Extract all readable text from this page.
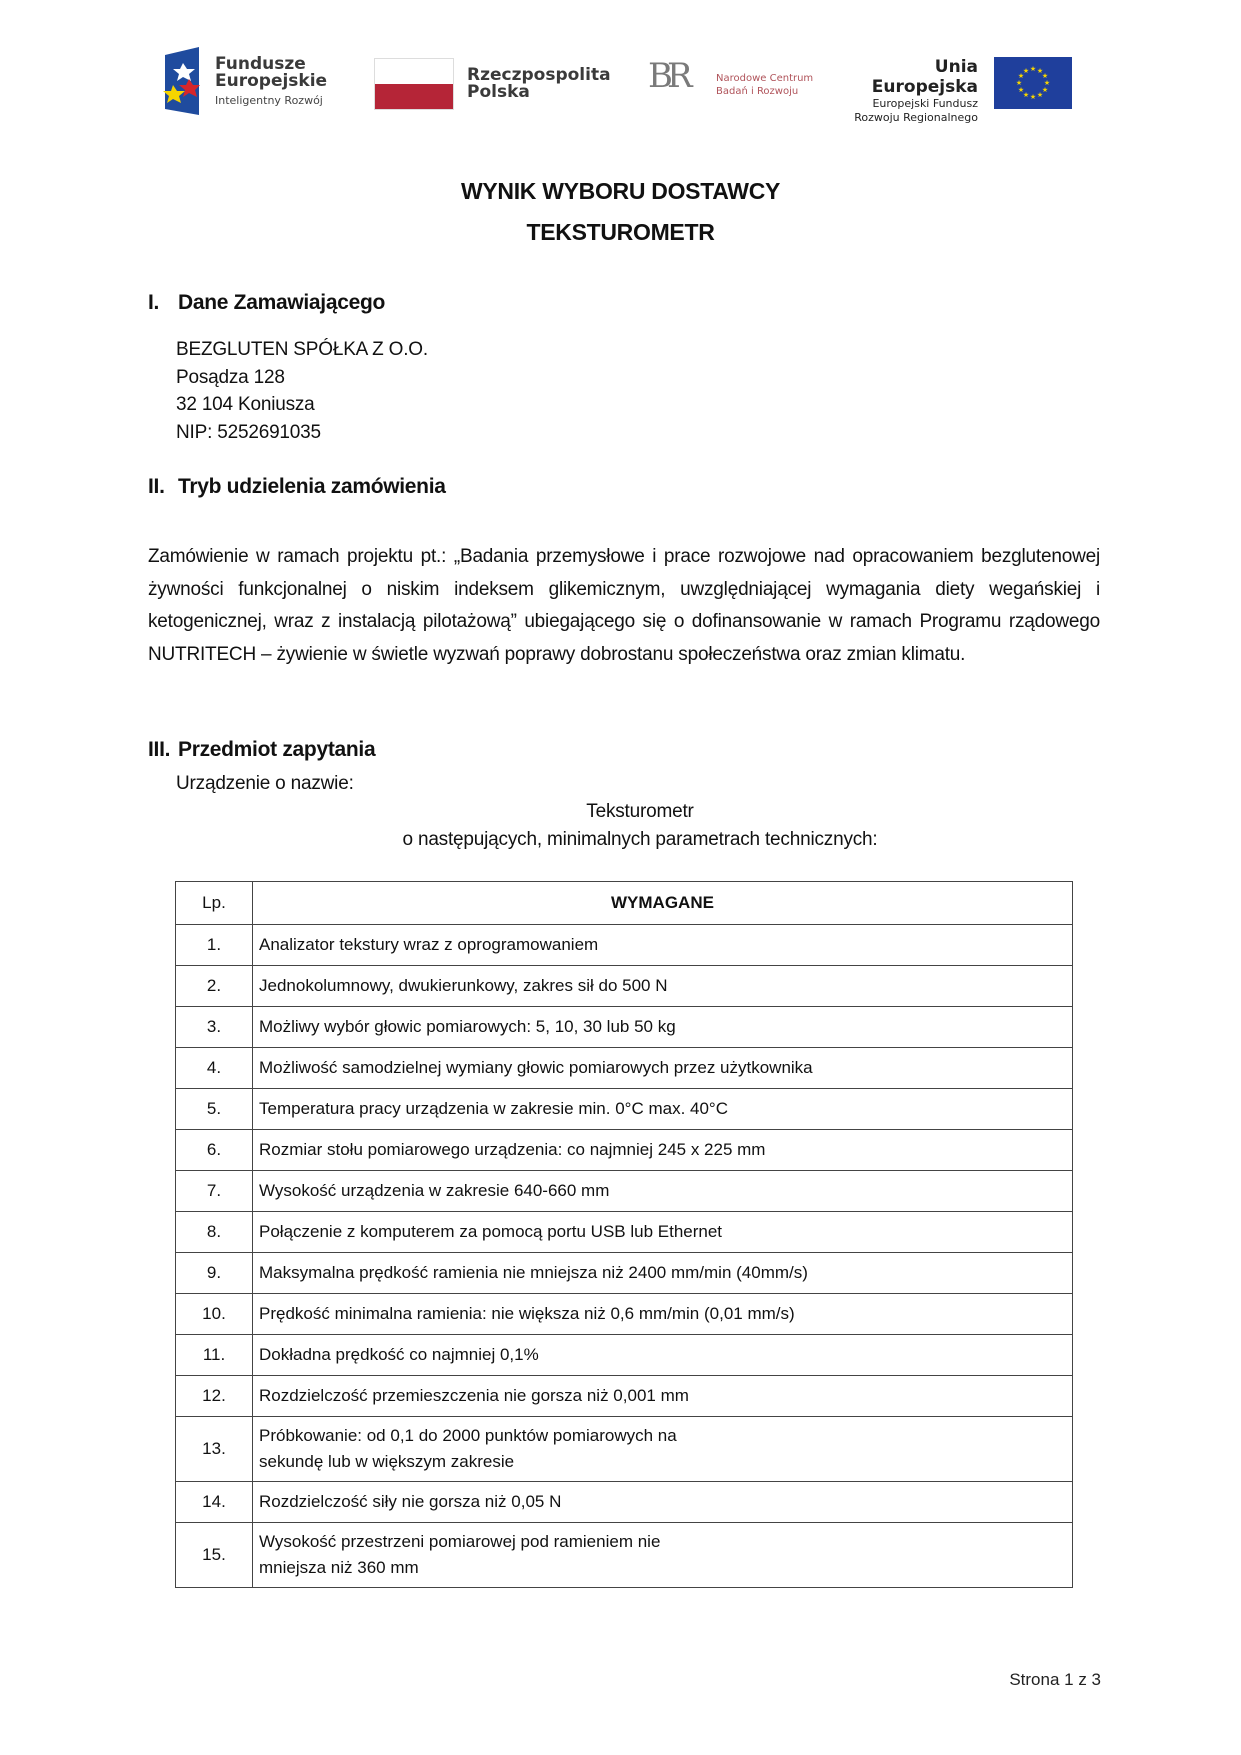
Fundusze
Europejskie
Inteligentny Rozwój
Rzeczpospolita
Polska	BR	Narodowe Centrum
Badań i Rozwoju
Unia Europejska
Europejski Fundusz
Rozwoju Regionalnego
★ ★
★
★
★
★
★
★
★
★
★
★
WYNIK WYBORU DOSTAWCY
TEKSTUROMETR
I. Dane Zamawiającego
BEZGLUTEN SPÓŁKA Z O.O.
Posądza 128
32 104 Koniusza
NIP: 5252691035
II. Tryb udzielenia zamówienia
Zamówienie w ramach projektu pt.: „Badania przemysłowe i prace rozwojowe nad opracowaniem bezglutenowej żywności funkcjonalnej o niskim indeksem glikemicznym, uwzględniającej wymagania diety wegańskiej i ketogenicznej, wraz z instalacją pilotażową” ubiegającego się o dofinansowanie w ramach Programu rządowego NUTRITECH – żywienie w świetle wyzwań poprawy dobrostanu społeczeństwa oraz zmian klimatu.
III. Przedmiot zapytania
Urządzenie o nazwie:
Teksturometr
o następujących, minimalnych parametrach technicznych:
Lp.	WYMAGANE
1.	Analizator tekstury wraz z oprogramowaniem

2.	Jednokolumnowy, dwukierunkowy, zakres sił do 500 N

3.	Możliwy wybór głowic pomiarowych: 5, 10, 30 lub 50 kg

4.	Możliwość samodzielnej wymiany głowic pomiarowych przez użytkownika

5.	Temperatura pracy urządzenia w zakresie min. 0°C max. 40°C

6.	Rozmiar stołu pomiarowego urządzenia: co najmniej 245 x 225 mm

7.	Wysokość urządzenia w zakresie 640-660 mm

8.	Połączenie z komputerem za pomocą portu USB lub Ethernet

9.	Maksymalna prędkość ramienia nie mniejsza niż 2400 mm/min (40mm/s)

10.	Prędkość minimalna ramienia: nie większa niż 0,6 mm/min (0,01 mm/s)

11.	Dokładna prędkość co najmniej 0,1%

12.	Rozdzielczość przemieszczenia nie gorsza niż 0,001 mm

13.	Próbkowanie: od 0,1 do 2000 punktów pomiarowych na
sekundę lub w większym zakresie

14.	Rozdzielczość siły nie gorsza niż 0,05 N

15.	Wysokość przestrzeni pomiarowej pod ramieniem nie
mniejsza niż 360 mm
Strona 1 z 3
